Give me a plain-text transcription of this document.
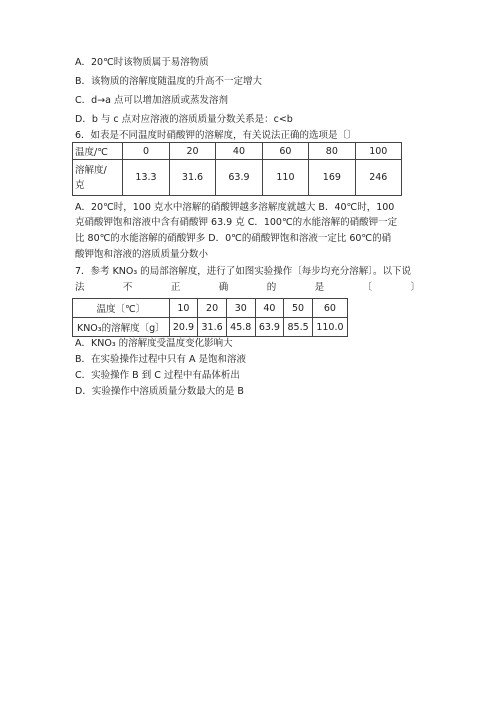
A．20℃时该物质属于易溶物质
B．该物质的溶解度随温度的升高不一定增大
C．d→a 点可以增加溶质或蒸发溶剂
D．b 与 c 点对应溶液的溶质质量分数关系是：c<b
6．如表是不同温度时硝酸钾的溶解度，有关说法正确的选项是〔〕
温度/℃	0	20	40	60	80	100

溶解度/
克	13.3	31.6	63.9	110	169	246
A．20℃时，100 克水中溶解的硝酸钾越多溶解度就越大 B．40℃时，100
克硝酸钾饱和溶液中含有硝酸钾 63.9 克 C．100℃的水能溶解的硝酸钾一定
比 80℃的水能溶解的硝酸钾多 D．0℃的硝酸钾饱和溶液一定比 60℃的硝
酸钾饱和溶液的溶质质量分数小
7．参考 KNO₃ 的局部溶解度，进行了如图实验操作〔每步均充分溶解〕。以下说
法	不	正	确	的	是	〔	〕
温度〔℃〕	10	20	30	40	50	60
KNO₃的溶解度〔g〕	20.9	31.6	45.8	63.9	85.5	110.0
A．KNO₃ 的溶解度受温度变化影响大
B．在实验操作过程中只有 A 是饱和溶液
C．实验操作 B 到 C 过程中有晶体析出
D．实验操作中溶质质量分数最大的是 B
